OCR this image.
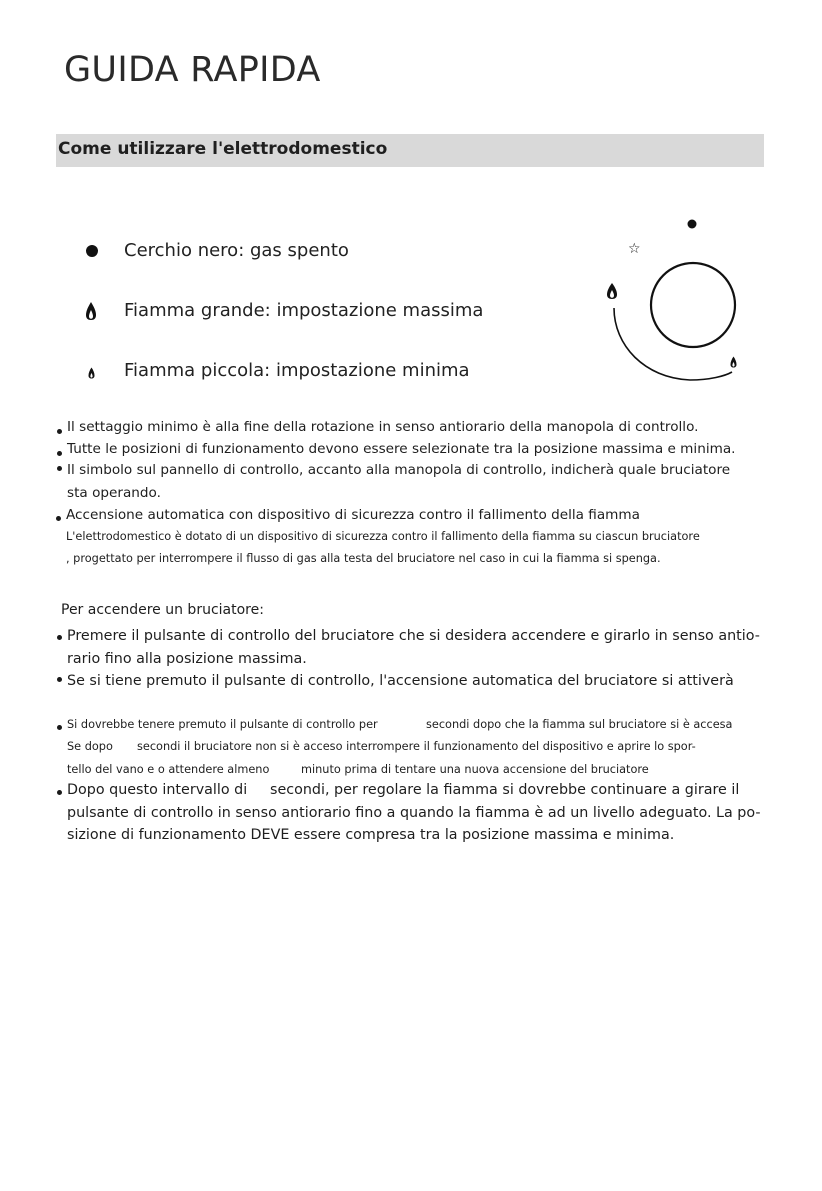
GUIDA RAPIDA
Come utilizzare l'elettrodomestico
Cerchio nero: gas spento
Fiamma grande: impostazione massima
Fiamma piccola: impostazione minima
☆
Il settaggio minimo è alla fine della rotazione in senso antiorario della manopola di controllo.
Tutte le posizioni di funzionamento devono essere selezionate tra la posizione massima e minima.
Il simbolo sul pannello di controllo, accanto alla manopola di controllo, indicherà quale bruciatore
sta operando.
Accensione automatica con dispositivo di sicurezza contro il fallimento della fiamma
L'elettrodomestico è dotato di un dispositivo di sicurezza contro il fallimento della fiamma su ciascun bruciatore
, progettato per interrompere il flusso di gas alla testa del bruciatore nel caso in cui la fiamma si spenga.
Per accendere un bruciatore:
Premere il pulsante di controllo del bruciatore che si desidera accendere e girarlo in senso antio-
rario fino alla posizione massima.
Se si tiene premuto il pulsante di controllo, l'accensione automatica del bruciatore si attiverà
Si dovrebbe tenere premuto il pulsante di controllo per	secondi dopo che la fiamma sul bruciatore si è accesa
Se dopo secondi il bruciatore non si è acceso interrompere il funzionamento del dispositivo e aprire lo spor-
tello del vano e o attendere almeno	minuto prima di tentare una nuova accensione del bruciatore
Dopo questo intervallo di secondi, per regolare la fiamma si dovrebbe continuare a girare il
pulsante di controllo in senso antiorario fino a quando la fiamma è ad un livello adeguato. La po-
sizione di funzionamento DEVE essere compresa tra la posizione massima e minima.
